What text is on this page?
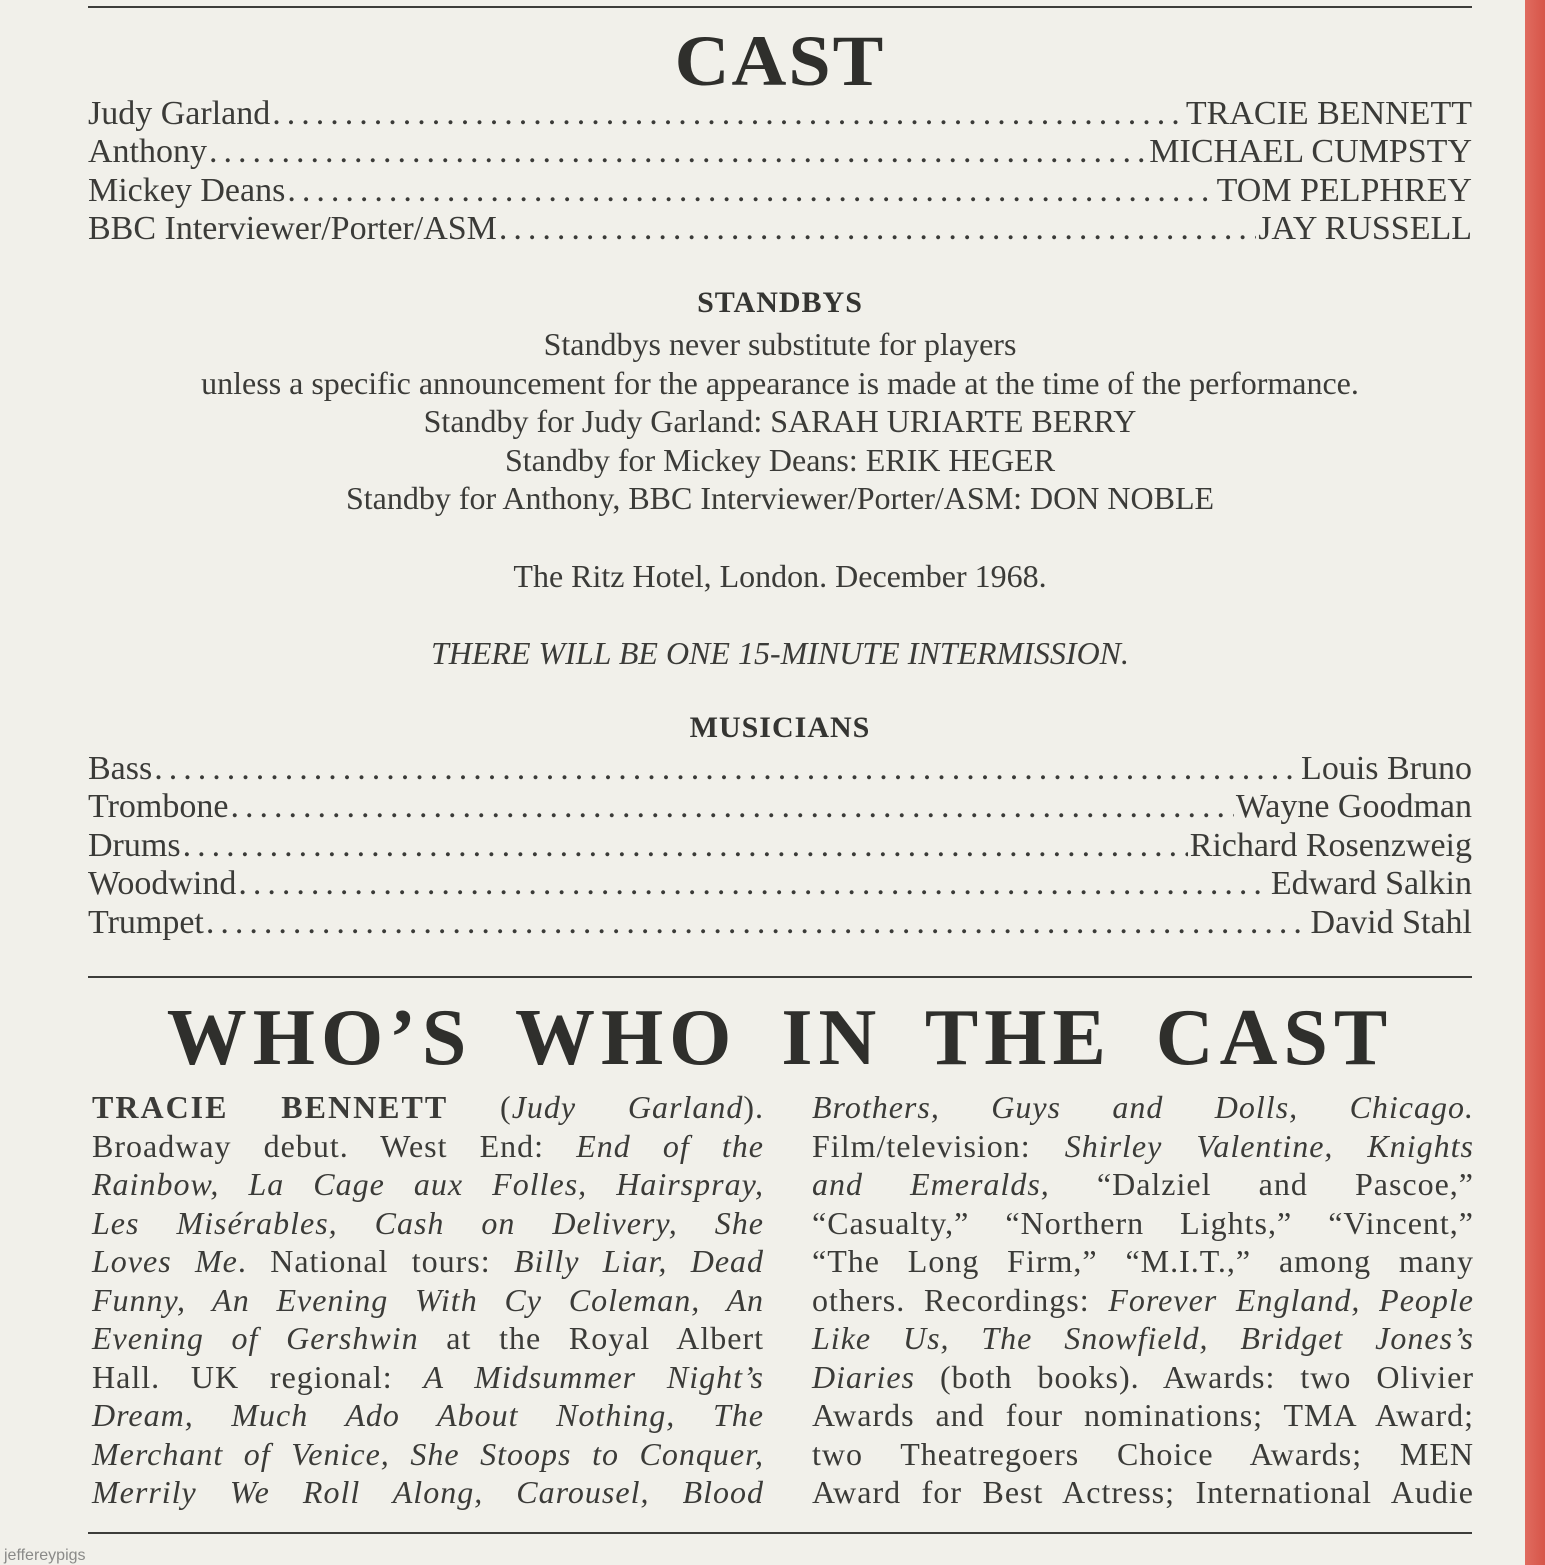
CAST
Judy Garland .....	TRACIE BENNETT
Anthony .....	MICHAEL CUMPSTY
Mickey Deans .....	TOM PELPHREY
BBC Interviewer/Porter/ASM .....	JAY RUSSELL
STANDBYS
Standbys never substitute for players
unless a specific announcement for the appearance is made at the time of the performance.
Standby for Judy Garland: SARAH URIARTE BERRY
Standby for Mickey Deans: ERIK HEGER
Standby for Anthony, BBC Interviewer/Porter/ASM: DON NOBLE
The Ritz Hotel, London. December 1968.
THERE WILL BE ONE 15-MINUTE INTERMISSION.
MUSICIANS
Bass .....	Louis Bruno
Trombone .....	Wayne Goodman
Drums .....	Richard Rosenzweig
Woodwind .....	Edward Salkin
Trumpet .....	David Stahl
WHO’S WHO IN THE CAST
TRACIE BENNETT (Judy Garland).
Broadway debut. West End: End of the
Rainbow, La Cage aux Folles, Hairspray,
Les Misérables, Cash on Delivery, She
Loves Me. National tours: Billy Liar, Dead
Funny, An Evening With Cy Coleman, An
Evening of Gershwin at the Royal Albert
Hall. UK regional: A Midsummer Night’s
Dream, Much Ado About Nothing, The
Merchant of Venice, She Stoops to Conquer,
Merrily We Roll Along, Carousel, Blood
Brothers, Guys and Dolls, Chicago.
Film/television: Shirley Valentine, Knights
and Emeralds, “Dalziel and Pascoe,”
“Casualty,” “Northern Lights,” “Vincent,”
“The Long Firm,” “M.I.T.,” among many
others. Recordings: Forever England, People
Like Us, The Snowfield, Bridget Jones’s
Diaries (both books). Awards: two Olivier
Awards and four nominations; TMA Award;
two Theatregoers Choice Awards; MEN
Award for Best Actress; International Audie
jeffereypigs
